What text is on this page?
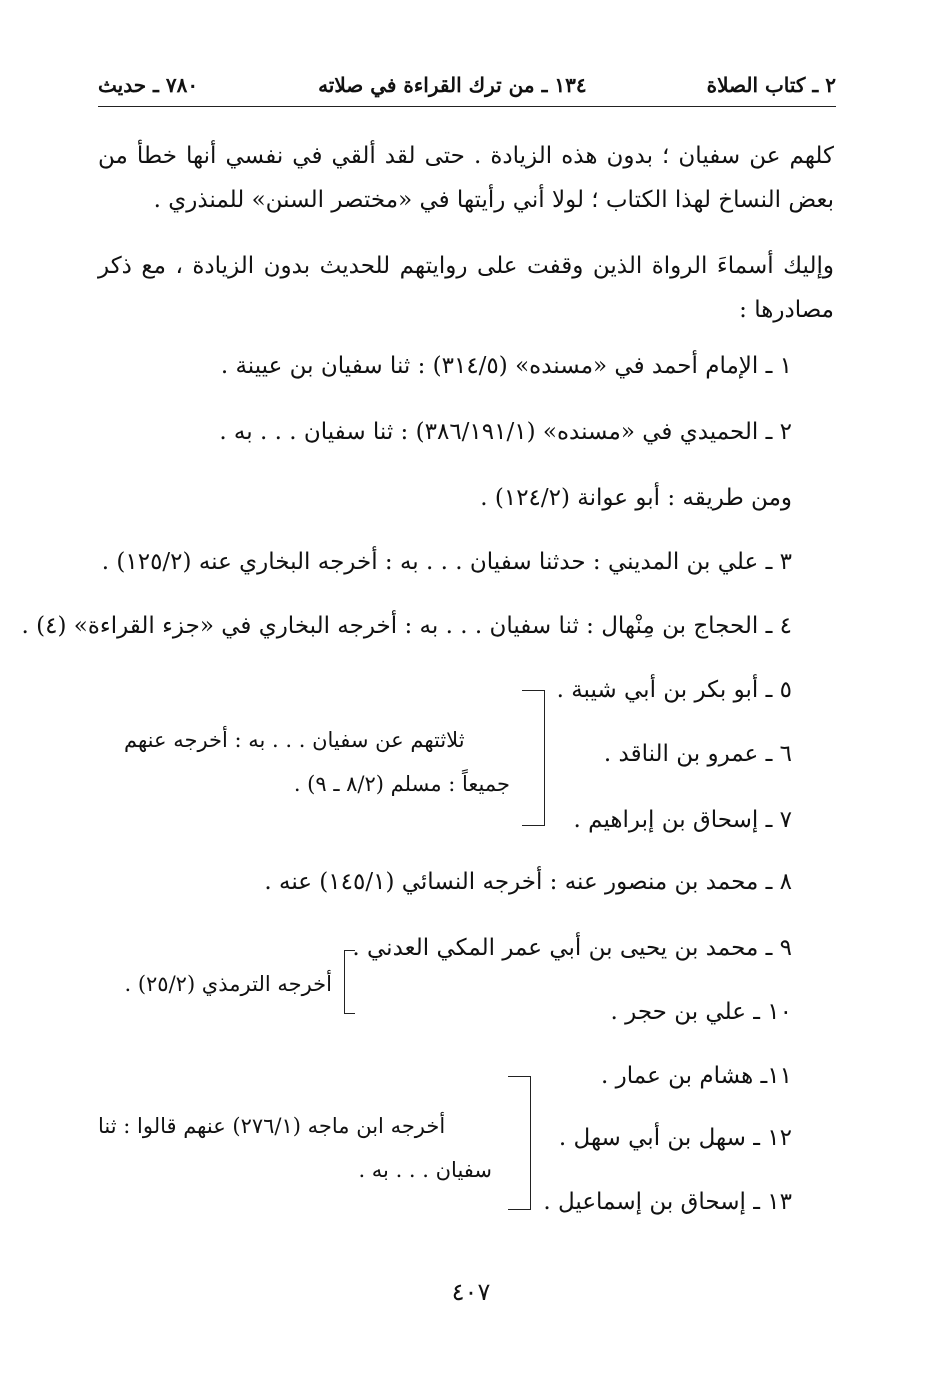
٢ ـ كتاب الصلاة
١٣٤ ـ من ترك القراءة في صلاته
٧٨٠ ـ حديث
كلهم عن سفيان ؛ بدون هذه الزيادة . حتى لقد ألقي في نفسي أنها خطأ من بعض النساخ لهذا الكتاب ؛ لولا أني رأيتها في «مختصر السنن» للمنذري .
وإليك أسماءَ الرواة الذين وقفت على روايتهم للحديث بدون الزيادة ، مع ذكر مصادرها :
١ ـ الإمام أحمد في «مسنده» (٣١٤/٥) : ثنا سفيان بن عيينة .
٢ ـ الحميدي في «مسنده» (٣٨٦/١٩١/١) : ثنا سفيان . . . به .
ومن طريقه : أبو عوانة (١٢٤/٢) .
٣ ـ علي بن المديني : حدثنا سفيان . . . به : أخرجه البخاري عنه (١٢٥/٢) .
٤ ـ الحجاج بن مِنْهال : ثنا سفيان . . . به : أخرجه البخاري في «جزء القراءة» (٤) .
٥ ـ أبو بكر بن أبي شيبة .
٦ ـ عمرو بن الناقد .
٧ ـ إسحاق بن إبراهيم .
ثلاثتهم عن سفيان . . . به : أخرجه عنهم
جميعاً : مسلم (٨/٢ ـ ٩) .
٨ ـ محمد بن منصور عنه : أخرجه النسائي (١٤٥/١) عنه .
٩ ـ محمد بن يحيى بن أبي عمر المكي العدني .
١٠ ـ علي بن حجر .
أخرجه الترمذي (٢٥/٢) .
١١ـ هشام بن عمار .
١٢ ـ سهل بن أبي سهل .
١٣ ـ إسحاق بن إسماعيل .
أخرجه ابن ماجه (٢٧٦/١) عنهم قالوا : ثنا
سفيان . . . به .
٤٠٧
